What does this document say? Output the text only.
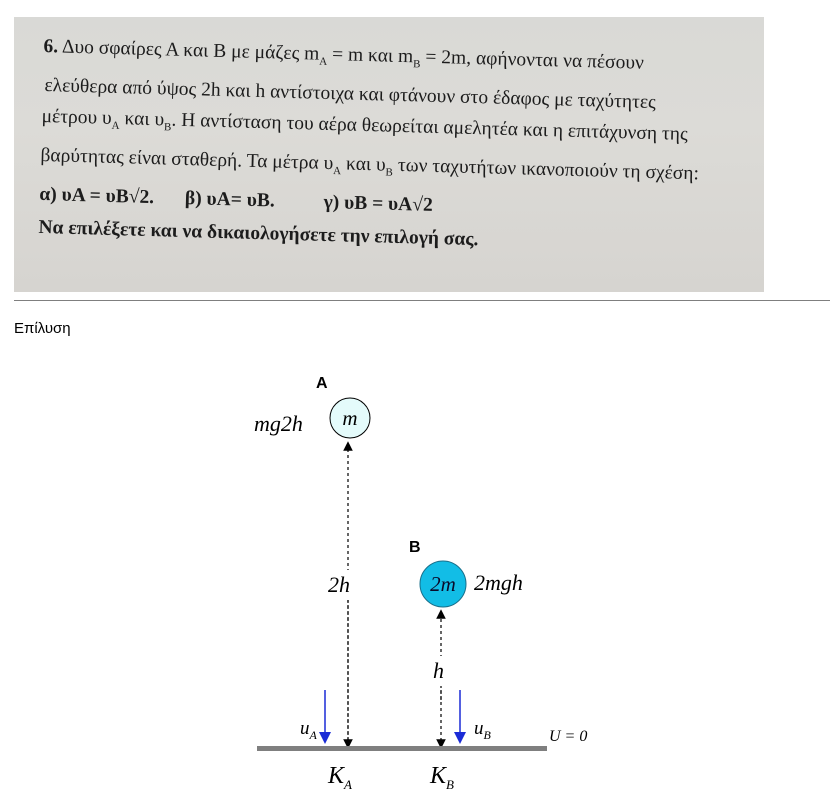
6. Δυο σφαίρες Α και Β με μάζες $m_A = m$ και $m_B = 2m$, αφήνονται να πέσουν

ελεύθερα από ύψος 2h και h αντίστοιχα και φτάνουν στο έδαφος με ταχύτητες

μέτρου $\upsilon_A$ και $\upsilon_B$. Η αντίσταση του αέρα θεωρείται αμελητέα και η επιτάχυνση της

βαρύτητας είναι σταθερή. Τα μέτρα $\upsilon_A$ και $\upsilon_B$ των ταχυτήτων ικανοποιούν τη σχέση:

α) υΑ = υΒ√2. β) υΑ= υΒ. γ) υΒ = υΑ√2

Να επιλέξετε και να δικαιολογήσετε την επιλογή σας.

Επίλυση
A
m
mg2h
2h
B
2m 2mgh
h
$u_A$	$u_B$	U = 0
$K_A$	$K_B$
